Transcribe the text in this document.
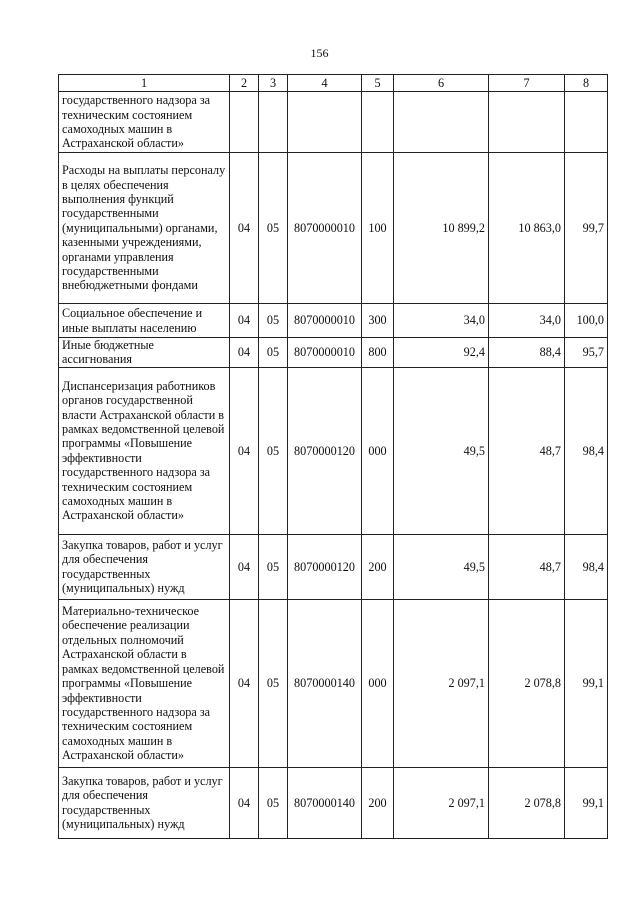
156
1	2	3	4	5	6	7	8
государственного надзора за техническим состоянием самоходных машин в Астраханской области»							
Расходы на выплаты персоналу в целях обеспечения выполнения функций государственными (муниципальными) органами, казенными учреждениями, органами управления государственными внебюджетными фондами	04	05	8070000010	100	10 899,2	10 863,0	99,7
Социальное обеспечение и иные выплаты населению	04	05	8070000010	300	34,0	34,0	100,0
Иные бюджетные ассигнования	04	05	8070000010	800	92,4	88,4	95,7
Диспансеризация работников органов государственной власти Астраханской области в рамках ведомственной целевой программы «Повышение эффективности государственного надзора за техническим состоянием самоходных машин в Астраханской области»	04	05	8070000120	000	49,5	48,7	98,4
Закупка товаров, работ и услуг для обеспечения государственных (муниципальных) нужд	04	05	8070000120	200	49,5	48,7	98,4
Материально-техническое обеспечение реализации отдельных полномочий Астраханской области в рамках ведомственной целевой программы «Повышение эффективности государственного надзора за техническим состоянием самоходных машин в Астраханской области»	04	05	8070000140	000	2 097,1	2 078,8	99,1
Закупка товаров, работ и услуг для обеспечения государственных (муниципальных) нужд	04	05	8070000140	200	2 097,1	2 078,8	99,1
